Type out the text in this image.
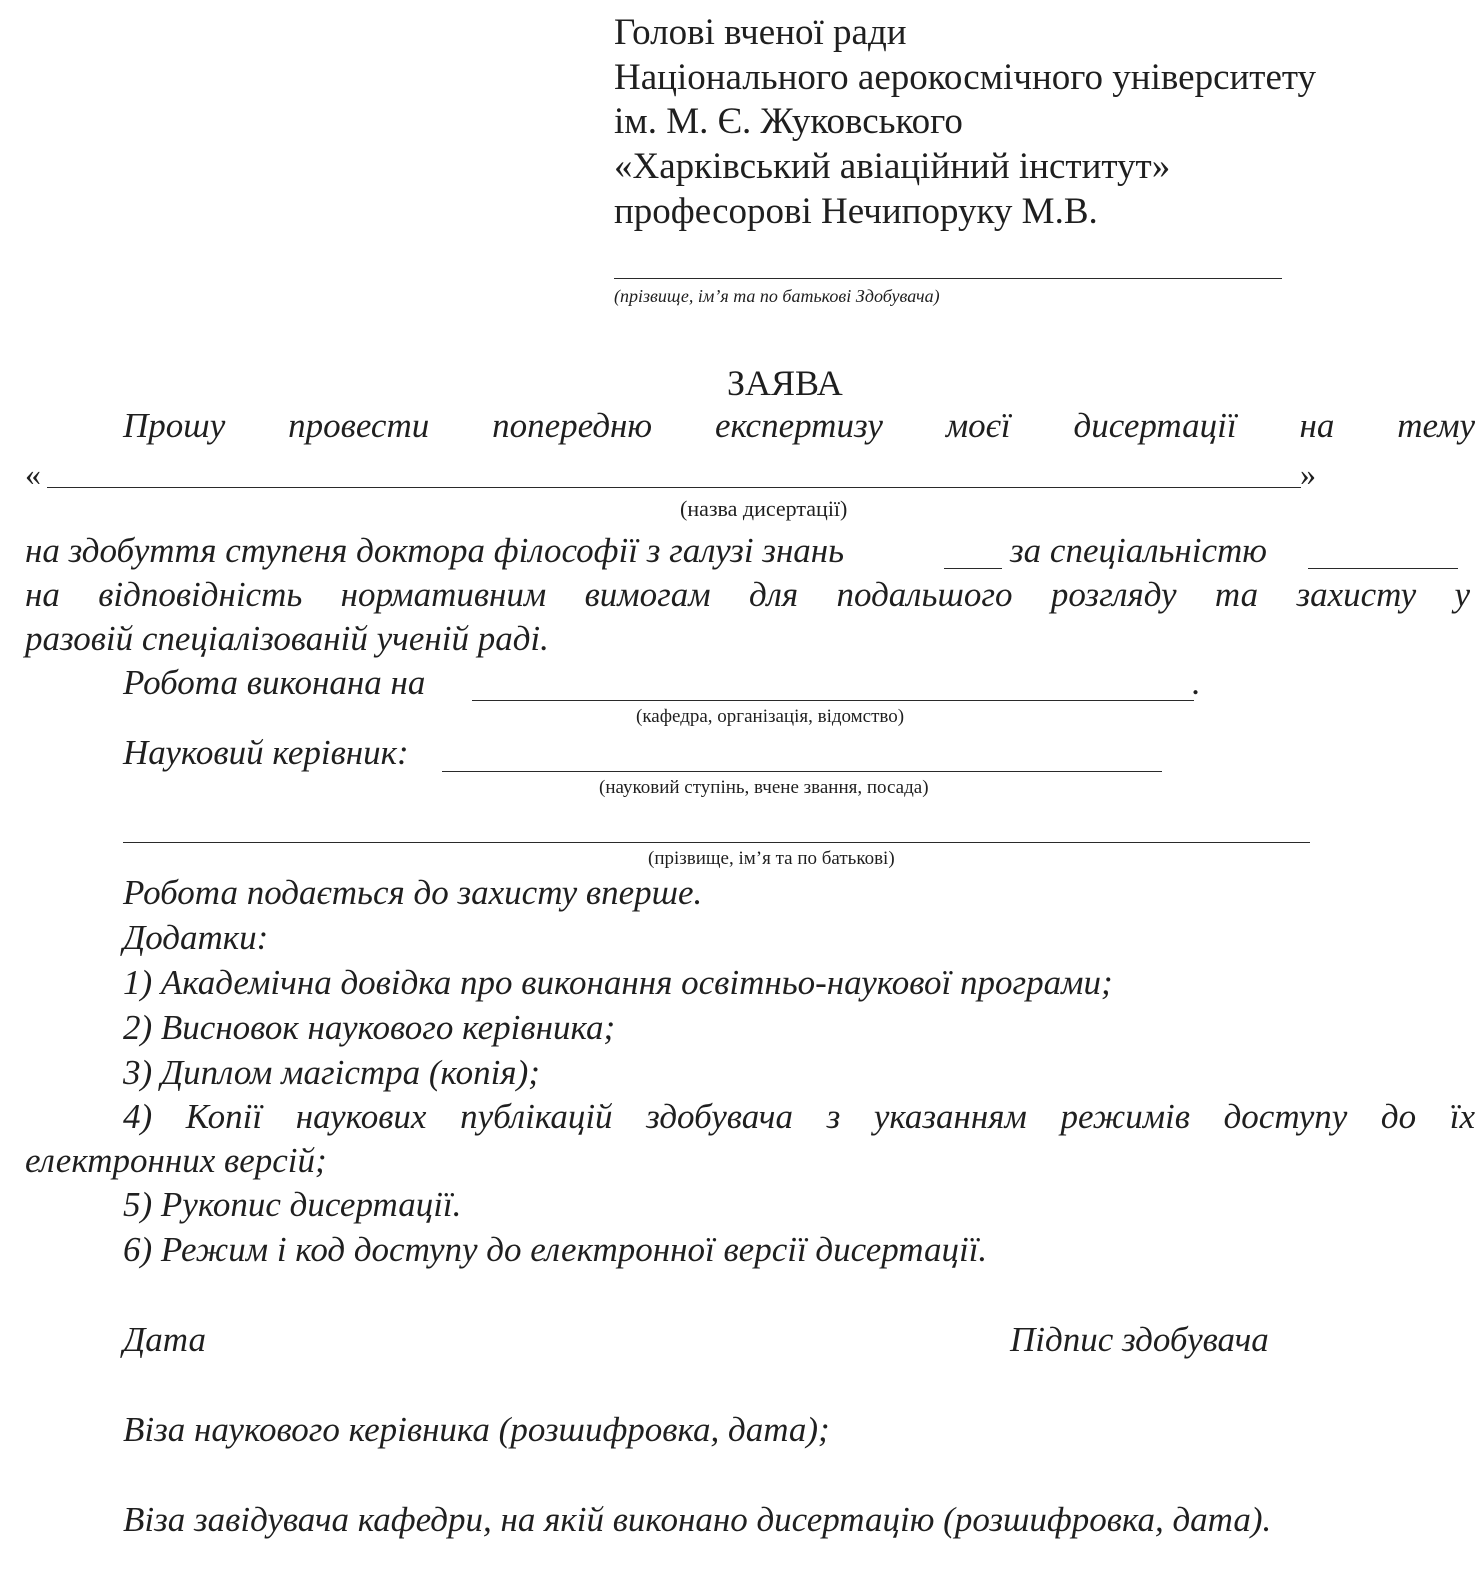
Голові вченої ради

Національного аерокосмічного університету

ім. М. Є. Жуковського

«Харківський авіаційний інститут»

професорові Нечипоруку М.В.

(прізвище, ім’я та по батькові Здобувача)

ЗАЯВА

Прошу провести попередню експертизу моєї дисертації на тему

«	»

(назва дисертації)

на здобуття ступеня доктора філософії з галузі знань	за спеціальністю

на відповідність нормативним вимогам для подальшого розгляду та захисту у

разовій спеціалізованій ученій раді.

Робота виконана на	.

(кафедра, організація, відомство)

Науковий керівник:

(науковий ступінь, вчене звання, посада)

(прізвище, ім’я та по батькові)

Робота подається до захисту вперше.

Додатки:

1) Академічна довідка про виконання освітньо-наукової програми;

2) Висновок наукового керівника;

3) Диплом магістра (копія);

4) Копії наукових публікацій здобувача з указанням режимів доступу до їх

електронних версій;

5) Рукопис дисертації.

6) Режим і код доступу до електронної версії дисертації.

Дата	Підпис здобувача

Віза наукового керівника (розшифровка, дата);

Віза завідувача кафедри, на якій виконано дисертацію (розшифровка, дата).
